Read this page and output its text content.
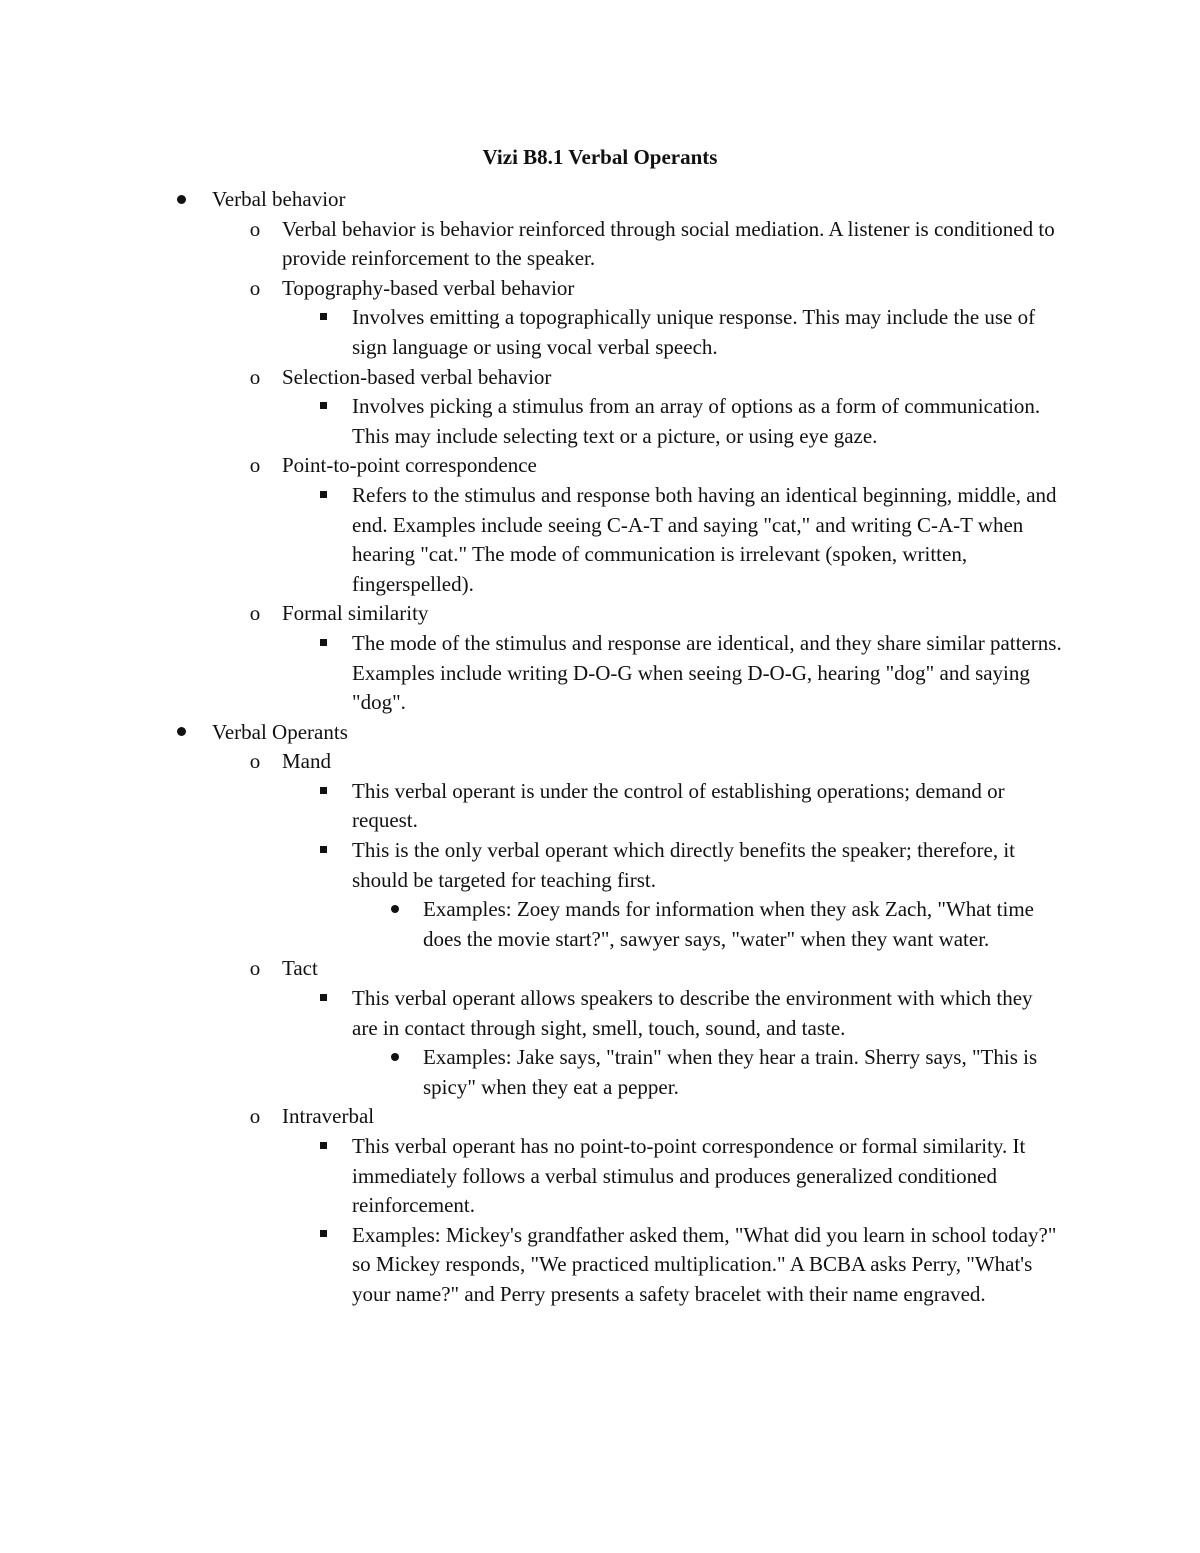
Vizi B8.1 Verbal Operants
Verbal behavior
o Verbal behavior is behavior reinforced through social mediation. A listener is conditioned to provide reinforcement to the speaker.
o Topography-based verbal behavior
Involves emitting a topographically unique response. This may include the use of sign language or using vocal verbal speech.
o Selection-based verbal behavior
Involves picking a stimulus from an array of options as a form of communication. This may include selecting text or a picture, or using eye gaze.
o Point-to-point correspondence
Refers to the stimulus and response both having an identical beginning, middle, and end. Examples include seeing C-A-T and saying "cat," and writing C-A-T when hearing "cat." The mode of communication is irrelevant (spoken, written, fingerspelled).
o Formal similarity
The mode of the stimulus and response are identical, and they share similar patterns. Examples include writing D-O-G when seeing D-O-G, hearing "dog" and saying "dog".
Verbal Operants
o Mand
This verbal operant is under the control of establishing operations; demand or request.
This is the only verbal operant which directly benefits the speaker; therefore, it should be targeted for teaching first.
Examples: Zoey mands for information when they ask Zach, "What time does the movie start?", sawyer says, "water" when they want water.
o Tact
This verbal operant allows speakers to describe the environment with which they are in contact through sight, smell, touch, sound, and taste.
Examples: Jake says, "train" when they hear a train. Sherry says, "This is spicy" when they eat a pepper.
o Intraverbal
This verbal operant has no point-to-point correspondence or formal similarity. It immediately follows a verbal stimulus and produces generalized conditioned reinforcement.
Examples: Mickey's grandfather asked them, "What did you learn in school today?" so Mickey responds, "We practiced multiplication." A BCBA asks Perry, "What's your name?" and Perry presents a safety bracelet with their name engraved.
